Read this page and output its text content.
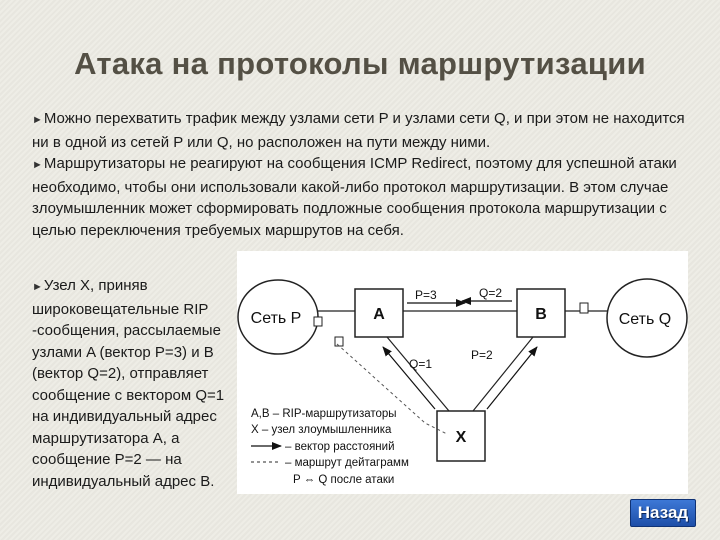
Атака на протоколы маршрутизации

►Можно перехватить трафик между узлами сети P и узлами сети Q, и при этом не находится ни в одной из сетей P или Q, но расположен на пути между ними.

►Маршрутизаторы не реагируют на сообщения ICMP Redirect, поэтому для успешной атаки необходимо, чтобы они использовали какой-либо протокол маршрутизации. В этом случае злоумышленник может сформировать подложные сообщения протокола маршрутизации с целью переключения требуемых маршрутов на себя.

►Узел X, приняв широковещательные RIP -сообщения, рассылаемые узлами A (вектор P=3) и B (вектор Q=2), отправляет сообщение с вектором Q=1 на индивидуальный адрес маршрутизатора A, а сообщение P=2 — на индивидуальный адрес B.

Сеть P	Сеть Q
A	B
X
P=3	Q=2
Q=1
P=2
A,B – RIP-маршрутизаторы
X – узел злоумышленника
– вектор расстояний
– маршрут дейтаграмм
P ⇔ Q после атаки
Назад
